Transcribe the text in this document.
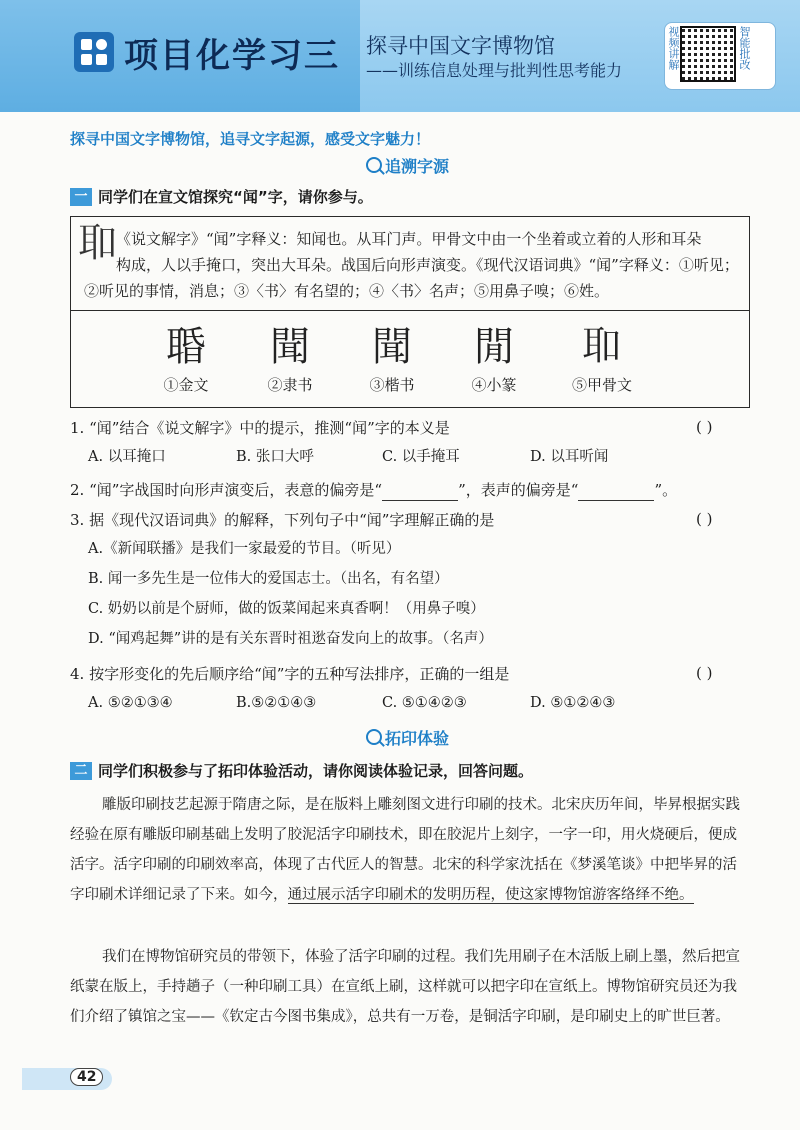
项目化学习三 探寻中国文字博物馆
——训练信息处理与批判性思考能力
视频讲解	智能批改
探寻中国文字博物馆，追寻文字起源，感受文字魅力！
追溯字源
一 同学们在宣文馆探究“闻”字，请你参与。
𦔻
《说文解字》“闻”字释义：知闻也。从耳门声。甲骨文中由一个坐着或立着的人形和耳朵
构成，人以手掩口，突出大耳朵。战国后向形声演变。《现代汉语词典》“闻”字释义：①听见；②听见的事情，消息；③〈书〉有名望的；④〈书〉名声；⑤用鼻子嗅；⑥姓。
䎽
①金文
聞
②隶书
聞
③楷书
閒
④小篆
𦔻
⑤甲骨文
1. “闻”结合《说文解字》中的提示，推测“闻”字的本义是	( )
A. 以耳掩口	B. 张口大呼	C. 以手掩耳	D. 以耳听闻
2. “闻”字战国时向形声演变后，表意的偏旁是“	”，表声的偏旁是“	”。
3. 据《现代汉语词典》的解释，下列句子中“闻”字理解正确的是	( )
A.《新闻联播》是我们一家最爱的节目。（听见）
B. 闻一多先生是一位伟大的爱国志士。（出名，有名望）
C. 奶奶以前是个厨师，做的饭菜闻起来真香啊！（用鼻子嗅）
D. “闻鸡起舞”讲的是有关东晋时祖逖奋发向上的故事。（名声）
4. 按字形变化的先后顺序给“闻”字的五种写法排序，正确的一组是	( )
A. ⑤②①③④	B.⑤②①④③	C. ⑤①④②③	D. ⑤①②④③
拓印体验
二 同学们积极参与了拓印体验活动，请你阅读体验记录，回答问题。
雕版印刷技艺起源于隋唐之际，是在版料上雕刻图文进行印刷的技术。北宋庆历年间，毕昇根据实践经验在原有雕版印刷基础上发明了胶泥活字印刷技术，即在胶泥片上刻字，一字一印，用火烧硬后，便成活字。活字印刷的印刷效率高，体现了古代匠人的智慧。北宋的科学家沈括在《梦溪笔谈》中把毕昇的活字印刷术详细记录了下来。如今，通过展示活字印刷术的发明历程，使这家博物馆游客络绎不绝。
我们在博物馆研究员的带领下，体验了活字印刷的过程。我们先用刷子在木活版上刷上墨，然后把宣纸蒙在版上，手持趟子（一种印刷工具）在宣纸上刷，这样就可以把字印在宣纸上。博物馆研究员还为我们介绍了镇馆之宝——《钦定古今图书集成》，总共有一万卷，是铜活字印刷，是印刷史上的旷世巨著。
42
